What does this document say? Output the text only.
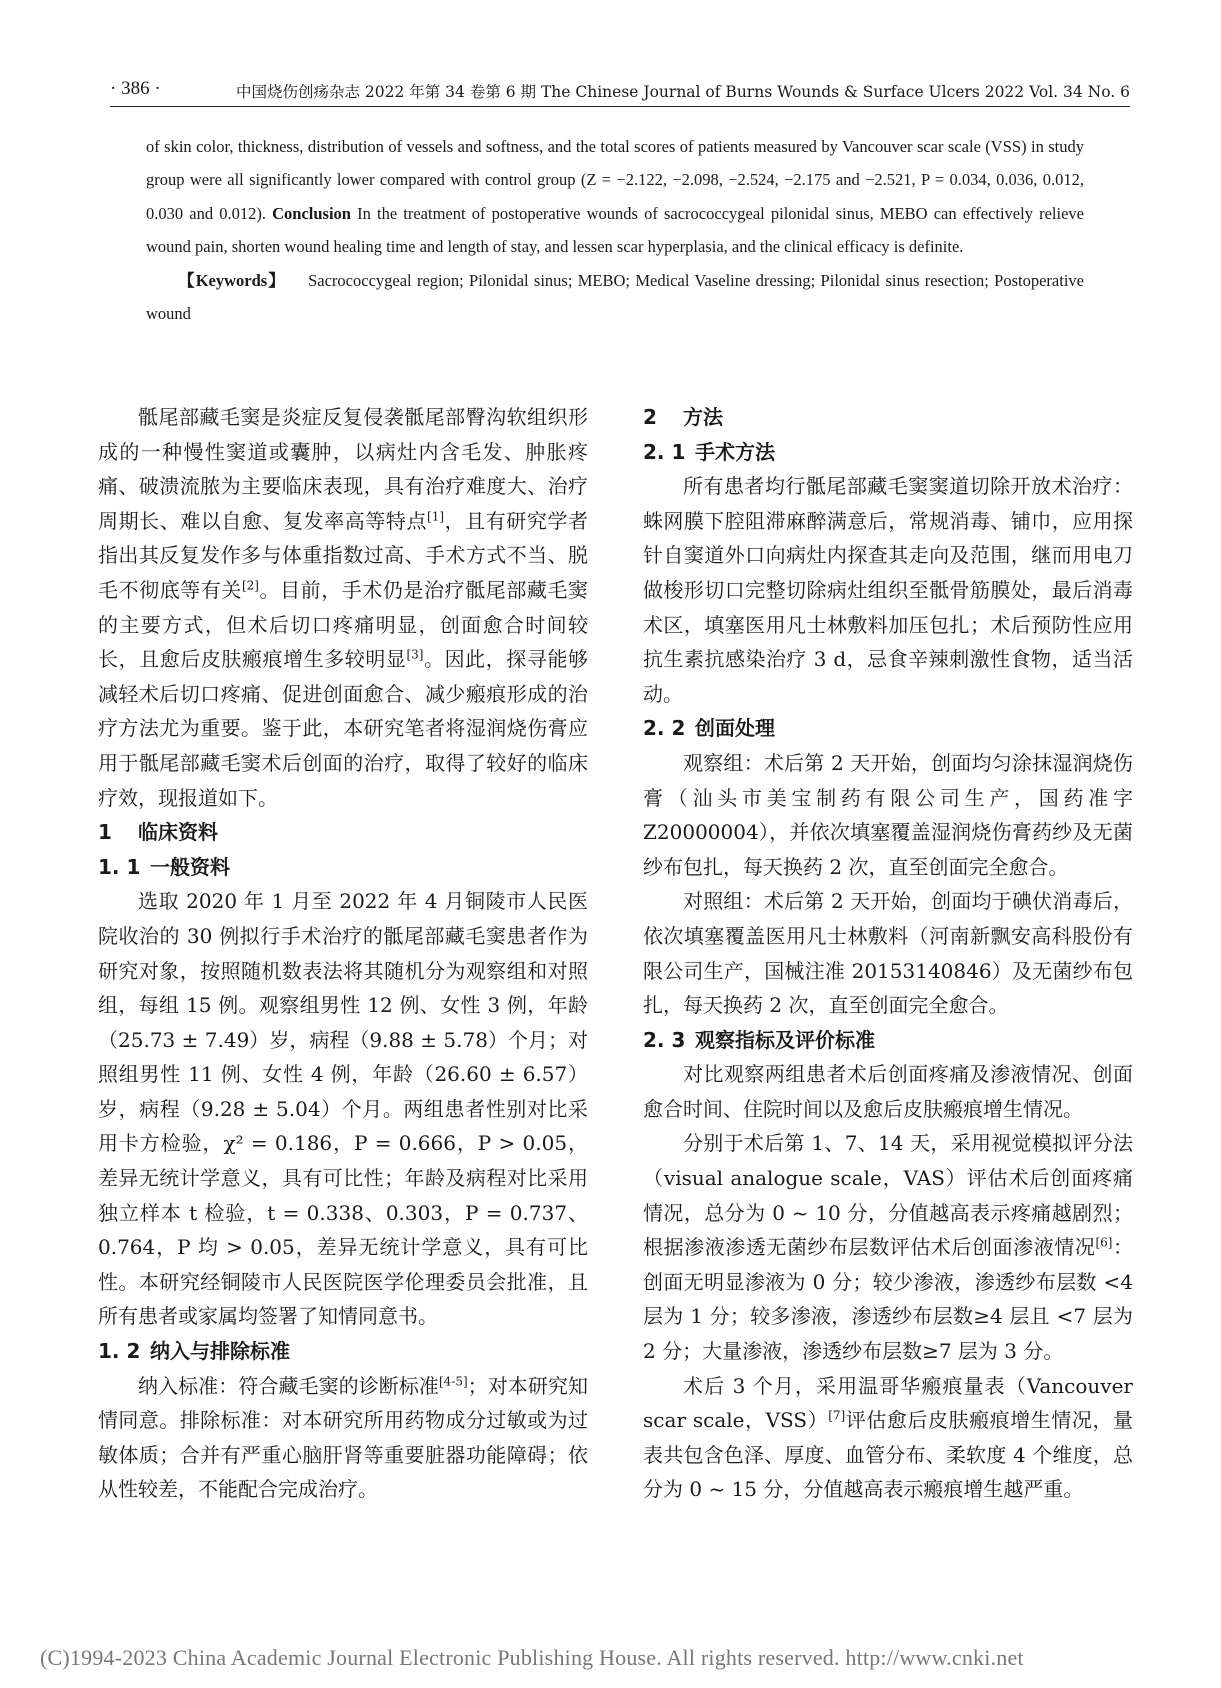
· 386 ·	中国烧伤创疡杂志 2022 年第 34 卷第 6 期 The Chinese Journal of Burns Wounds & Surface Ulcers 2022 Vol. 34 No. 6

of skin color, thickness, distribution of vessels and softness, and the total scores of patients measured by Vancouver scar scale (VSS) in study group were all significantly lower compared with control group (Z = −2.122, −2.098, −2.524, −2.175 and −2.521, P = 0.034, 0.036, 0.012, 0.030 and 0.012). Conclusion In the treatment of postoperative wounds of sacrococcygeal pilonidal sinus, MEBO can effectively relieve wound pain, shorten wound healing time and length of stay, and lessen scar hyperplasia, and the clinical efficacy is definite.

【Keywords】 Sacrococcygeal region; Pilonidal sinus; MEBO; Medical Vaseline dressing; Pilonidal sinus resection; Postoperative wound

骶尾部藏毛窦是炎症反复侵袭骶尾部臀沟软组织形成的一种慢性窦道或囊肿，以病灶内含毛发、肿胀疼痛、破溃流脓为主要临床表现，具有治疗难度大、治疗周期长、难以自愈、复发率高等特点[1]，且有研究学者指出其反复发作多与体重指数过高、手术方式不当、脱毛不彻底等有关[2]。目前，手术仍是治疗骶尾部藏毛窦的主要方式，但术后切口疼痛明显，创面愈合时间较长，且愈后皮肤瘢痕增生多较明显[3]。因此，探寻能够减轻术后切口疼痛、促进创面愈合、减少瘢痕形成的治疗方法尤为重要。鉴于此，本研究笔者将湿润烧伤膏应用于骶尾部藏毛窦术后创面的治疗，取得了较好的临床疗效，现报道如下。

1 临床资料

1. 1 一般资料

选取 2020 年 1 月至 2022 年 4 月铜陵市人民医院收治的 30 例拟行手术治疗的骶尾部藏毛窦患者作为研究对象，按照随机数表法将其随机分为观察组和对照组，每组 15 例。观察组男性 12 例、女性 3 例，年龄（25.73 ± 7.49）岁，病程（9.88 ± 5.78）个月；对照组男性 11 例、女性 4 例，年龄（26.60 ± 6.57）岁，病程（9.28 ± 5.04）个月。两组患者性别对比采用卡方检验，χ² = 0.186，P = 0.666，P > 0.05，差异无统计学意义，具有可比性；年龄及病程对比采用独立样本 t 检验，t = 0.338、0.303，P = 0.737、0.764，P 均 > 0.05，差异无统计学意义，具有可比性。本研究经铜陵市人民医院医学伦理委员会批准，且所有患者或家属均签署了知情同意书。

1. 2 纳入与排除标准

纳入标准：符合藏毛窦的诊断标准[4-5]；对本研究知情同意。排除标准：对本研究所用药物成分过敏或为过敏体质；合并有严重心脑肝肾等重要脏器功能障碍；依从性较差，不能配合完成治疗。

2 方法

2. 1 手术方法

所有患者均行骶尾部藏毛窦窦道切除开放术治疗：蛛网膜下腔阻滞麻醉满意后，常规消毒、铺巾，应用探针自窦道外口向病灶内探查其走向及范围，继而用电刀做梭形切口完整切除病灶组织至骶骨筋膜处，最后消毒术区，填塞医用凡士林敷料加压包扎；术后预防性应用抗生素抗感染治疗 3 d，忌食辛辣刺激性食物，适当活动。

2. 2 创面处理

观察组：术后第 2 天开始，创面均匀涂抹湿润烧伤膏（汕头市美宝制药有限公司生产，国药准字 Z20000004），并依次填塞覆盖湿润烧伤膏药纱及无菌纱布包扎，每天换药 2 次，直至创面完全愈合。

对照组：术后第 2 天开始，创面均于碘伏消毒后，依次填塞覆盖医用凡士林敷料（河南新飘安高科股份有限公司生产，国械注准 20153140846）及无菌纱布包扎，每天换药 2 次，直至创面完全愈合。

2. 3 观察指标及评价标准

对比观察两组患者术后创面疼痛及渗液情况、创面愈合时间、住院时间以及愈后皮肤瘢痕增生情况。

分别于术后第 1、7、14 天，采用视觉模拟评分法（visual analogue scale，VAS）评估术后创面疼痛情况，总分为 0 ~ 10 分，分值越高表示疼痛越剧烈；根据渗液渗透无菌纱布层数评估术后创面渗液情况[6]：创面无明显渗液为 0 分；较少渗液，渗透纱布层数 <4 层为 1 分；较多渗液，渗透纱布层数≥4 层且 <7 层为 2 分；大量渗液，渗透纱布层数≥7 层为 3 分。

术后 3 个月，采用温哥华瘢痕量表（Vancouver scar scale，VSS）[7]评估愈后皮肤瘢痕增生情况，量表共包含色泽、厚度、血管分布、柔软度 4 个维度，总分为 0 ~ 15 分，分值越高表示瘢痕增生越严重。

(C)1994-2023 China Academic Journal Electronic Publishing House. All rights reserved. http://www.cnki.net
